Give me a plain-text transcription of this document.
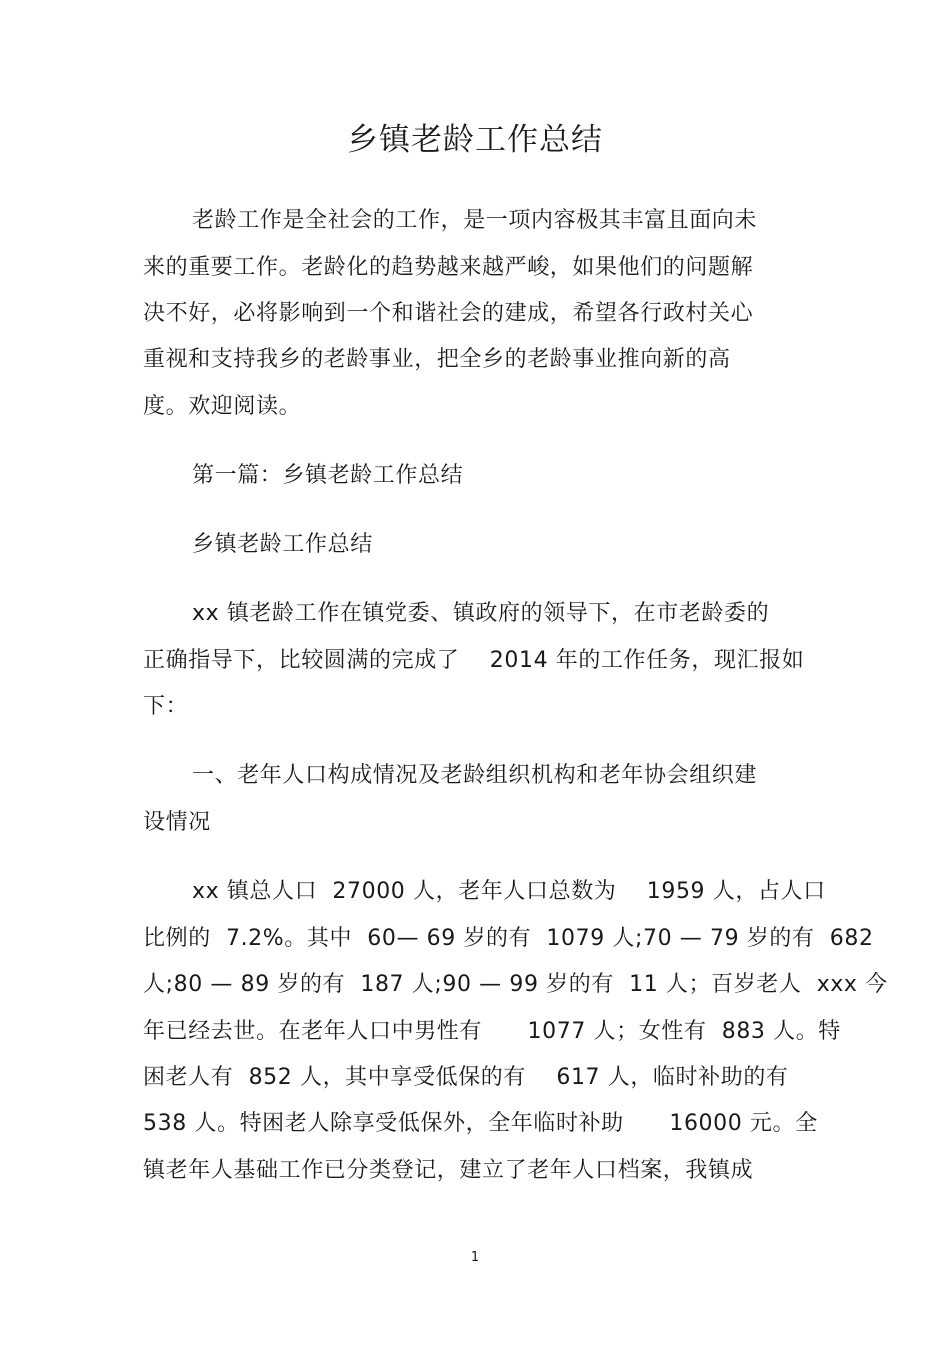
乡镇老龄工作总结
老龄工作是全社会的工作，是一项内容极其丰富且面向未
来的重要工作。老龄化的趋势越来越严峻，如果他们的问题解
决不好，必将影响到一个和谐社会的建成，希望各行政村关心
重视和支持我乡的老龄事业，把全乡的老龄事业推向新的高
度。欢迎阅读。
第一篇：乡镇老龄工作总结
乡镇老龄工作总结
xx 镇老龄工作在镇党委、镇政府的领导下，在市老龄委的
正确指导下，比较圆满的完成了    2014 年的工作任务，现汇报如
下：
一、老年人口构成情况及老龄组织机构和老年协会组织建
设情况
xx 镇总人口  27000 人，老年人口总数为    1959 人，占人口
比例的  7.2%。其中  60— 69 岁的有  1079 人;70 — 79 岁的有  682
人;80 — 89 岁的有  187 人;90 — 99 岁的有  11 人；百岁老人  xxx 今
年已经去世。在老年人口中男性有      1077 人；女性有  883 人。特
困老人有  852 人，其中享受低保的有    617 人，临时补助的有
538 人。特困老人除享受低保外，全年临时补助      16000 元。全
镇老年人基础工作已分类登记，建立了老年人口档案，我镇成
1
